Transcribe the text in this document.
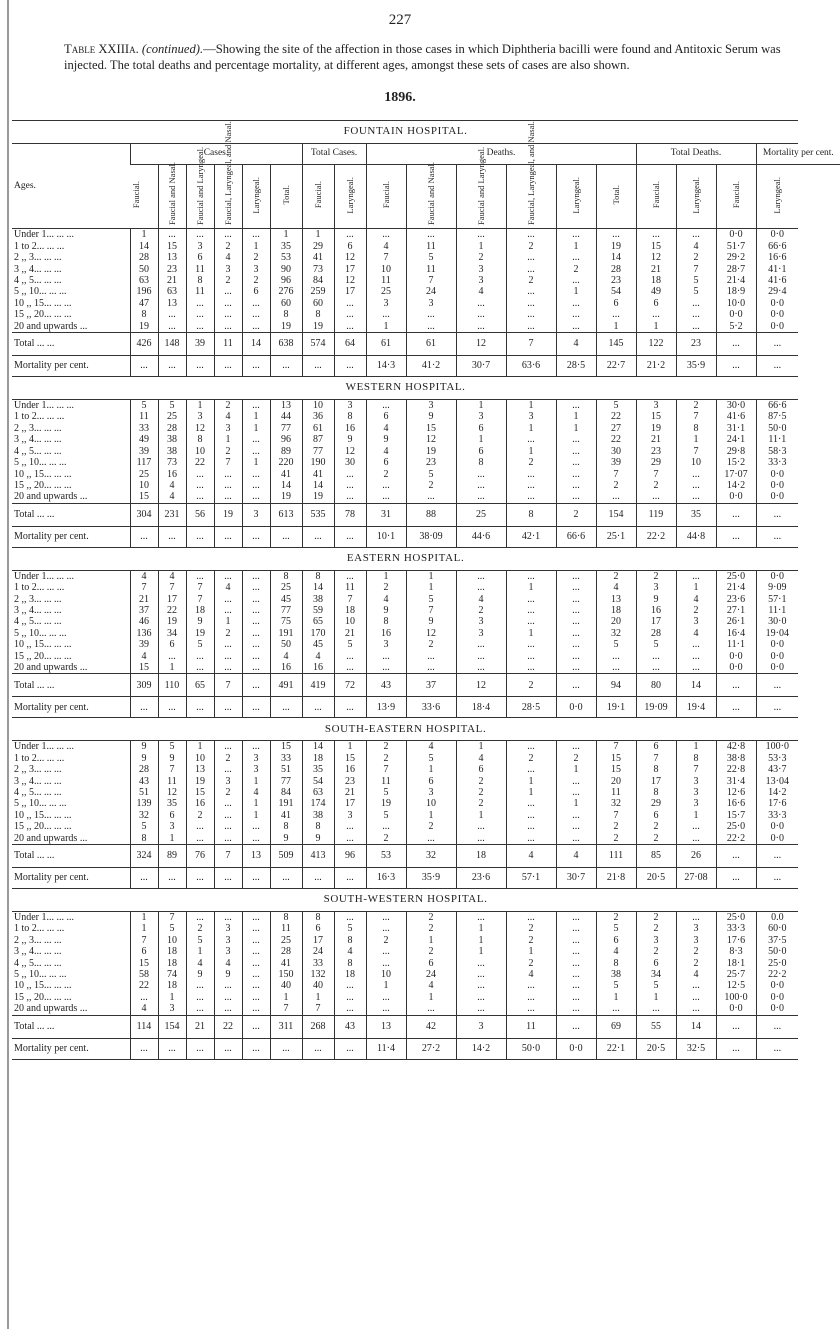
227
Table XXIIIa. (continued).—Showing the site of the affection in those cases in which Diphtheria bacilli were found and Antitoxic Serum was injected. The total deaths and percentage mortality, at different ages, amongst these sets of cases are also shown.
1896.
FOUNTAIN HOSPITAL.																		
Ages.	Cases.						Total Cases.		Deaths.						Total Deaths.			Mortality per cent.
	Faucial.	Faucial and Nasal.	Faucial and Laryngeal.	Faucial, Laryngeal, and Nasal.	Laryngeal.	Total.	Faucial.	Laryngeal.	Faucial.	Faucial and Nasal.	Faucial and Laryngeal.	Faucial, Laryngeal, and Nasal.	Laryngeal.	Total.	Faucial.	Laryngeal.	Faucial.	Laryngeal.
Under 1... ... ...	1	...	...	...	...	1	1	...	...	...	...	...	...	...	...	...	0·0	0·0
1 to 2... ... ...	14	15	3	2	1	35	29	6	4	11	1	2	1	19	15	4	51·7	66·6
2 ,, 3... ... ...	28	13	6	4	2	53	41	12	7	5	2	...	...	14	12	2	29·2	16·6
3 ,, 4... ... ...	50	23	11	3	3	90	73	17	10	11	3	...	2	28	21	7	28·7	41·1
4 ,, 5... ... ...	63	21	8	2	2	96	84	12	11	7	3	2	...	23	18	5	21·4	41·6
5 ,, 10... ... ...	196	63	11	...	6	276	259	17	25	24	4	...	1	54	49	5	18·9	29·4
10 ,, 15... ... ...	47	13	...	...	...	60	60	...	3	3	...	...	...	6	6	...	10·0	0·0
15 ,, 20... ... ...	8	...	...	...	...	8	8	...	...	...	...	...	...	...	...	...	0·0	0·0
20 and upwards ...	19	...	...	...	...	19	19	...	1	...	...	...	...	1	1	...	5·2	0·0
Total ... ...	426	148	39	11	14	638	574	64	61	61	12	7	4	145	122	23	...	...
Mortality per cent.	...	...	...	...	...	...	...	...	14·3	41·2	30·7	63·6	28·5	22·7	21·2	35·9	...	...
WESTERN HOSPITAL.																		
Under 1... ... ...	5	5	1	2	...	13	10	3	...	3	1	1	...	5	3	2	30·0	66·6
1 to 2... ... ...	11	25	3	4	1	44	36	8	6	9	3	3	1	22	15	7	41·6	87·5
2 ,, 3... ... ...	33	28	12	3	1	77	61	16	4	15	6	1	1	27	19	8	31·1	50·0
3 ,, 4... ... ...	49	38	8	1	...	96	87	9	9	12	1	...	...	22	21	1	24·1	11·1
4 ,, 5... ... ...	39	38	10	2	...	89	77	12	4	19	6	1	...	30	23	7	29·8	58·3
5 ,, 10... ... ...	117	73	22	7	1	220	190	30	6	23	8	2	...	39	29	10	15·2	33·3
10 ,, 15... ... ...	25	16	...	...	...	41	41	...	2	5	...	...	...	7	7	...	17·07	0·0
15 ,, 20... ... ...	10	4	...	...	...	14	14	...	...	2	...	...	...	2	2	...	14·2	0·0
20 and upwards ...	15	4	...	...	...	19	19	...	...	...	...	...	...	...	...	...	0·0	0·0
Total ... ...	304	231	56	19	3	613	535	78	31	88	25	8	2	154	119	35	...	...
Mortality per cent.	...	...	...	...	...	...	...	...	10·1	38·09	44·6	42·1	66·6	25·1	22·2	44·8	...	...
EASTERN HOSPITAL.																		
Under 1... ... ...	4	4	...	...	...	8	8	...	1	1	...	...	...	2	2	...	25·0	0·0
1 to 2... ... ...	7	7	7	4	...	25	14	11	2	1	...	1	...	4	3	1	21·4	9·09
2 ,, 3... ... ...	21	17	7	...	...	45	38	7	4	5	4	...	...	13	9	4	23·6	57·1
3 ,, 4... ... ...	37	22	18	...	...	77	59	18	9	7	2	...	...	18	16	2	27·1	11·1
4 ,, 5... ... ...	46	19	9	1	...	75	65	10	8	9	3	...	...	20	17	3	26·1	30·0
5 ,, 10... ... ...	136	34	19	2	...	191	170	21	16	12	3	1	...	32	28	4	16·4	19·04
10 ,, 15... ... ...	39	6	5	...	...	50	45	5	3	2	...	...	...	5	5	...	11·1	0·0
15 ,, 20... ... ...	4	...	...	...	...	4	4	...	...	...	...	...	...	...	...	...	0·0	0·0
20 and upwards ...	15	1	...	...	...	16	16	...	...	...	...	...	...	...	...	...	0·0	0·0
Total ... ...	309	110	65	7	...	491	419	72	43	37	12	2	...	94	80	14	...	...
Mortality per cent.	...	...	...	...	...	...	...	...	13·9	33·6	18·4	28·5	0·0	19·1	19·09	19·4	...	...
SOUTH-EASTERN HOSPITAL.																		
Under 1... ... ...	9	5	1	...	...	15	14	1	2	4	1	...	...	7	6	1	42·8	100·0
1 to 2... ... ...	9	9	10	2	3	33	18	15	2	5	4	2	2	15	7	8	38·8	53·3
2 ,, 3... ... ...	28	7	13	...	3	51	35	16	7	1	6	...	1	15	8	7	22·8	43·7
3 ,, 4... ... ...	43	11	19	3	1	77	54	23	11	6	2	1	...	20	17	3	31·4	13·04
4 ,, 5... ... ...	51	12	15	2	4	84	63	21	5	3	2	1	...	11	8	3	12·6	14·2
5 ,, 10... ... ...	139	35	16	...	1	191	174	17	19	10	2	...	1	32	29	3	16·6	17·6
10 ,, 15... ... ...	32	6	2	...	1	41	38	3	5	1	1	...	...	7	6	1	15·7	33·3
15 ,, 20... ... ...	5	3	...	...	...	8	8	...	...	2	...	...	...	2	2	...	25·0	0·0
20 and upwards ...	8	1	...	...	...	9	9	...	2	...	...	...	...	2	2	...	22·2	0·0
Total ... ...	324	89	76	7	13	509	413	96	53	32	18	4	4	111	85	26	...	...
Mortality per cent.	...	...	...	...	...	...	...	...	16·3	35·9	23·6	57·1	30·7	21·8	20·5	27·08	...	...
SOUTH-WESTERN HOSPITAL.																		
Under 1... ... ...	1	7	...	...	...	8	8	...	...	2	...	...	...	2	2	...	25·0	0.0
1 to 2... ... ...	1	5	2	3	...	11	6	5	...	2	1	2	...	5	2	3	33·3	60·0
2 ,, 3... ... ...	7	10	5	3	...	25	17	8	2	1	1	2	...	6	3	3	17·6	37·5
3 ,, 4... ... ...	6	18	1	3	...	28	24	4	...	2	1	1	...	4	2	2	8·3	50·0
4 ,, 5... ... ...	15	18	4	4	...	41	33	8	...	6	...	2	...	8	6	2	18·1	25·0
5 ,, 10... ... ...	58	74	9	9	...	150	132	18	10	24	...	4	...	38	34	4	25·7	22·2
10 ,, 15... ... ...	22	18	...	...	...	40	40	...	1	4	...	...	...	5	5	...	12·5	0·0
15 ,, 20... ... ...	...	1	...	...	...	1	1	...	...	1	...	...	...	1	1	...	100·0	0·0
20 and upwards ...	4	3	...	...	...	7	7	...	...	...	...	...	...	...	...	...	0·0	0·0
Total ... ...	114	154	21	22	...	311	268	43	13	42	3	11	...	69	55	14	...	...
Mortality per cent.	...	...	...	...	...	...	...	...	11·4	27·2	14·2	50·0	0·0	22·1	20·5	32·5	...	...
